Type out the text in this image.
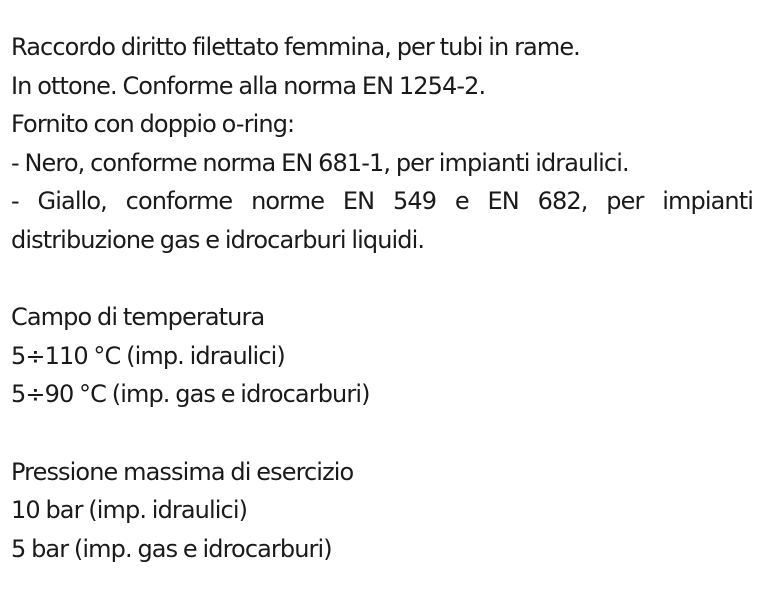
Raccordo diritto filettato femmina, per tubi in rame.
In ottone. Conforme alla norma EN 1254-2.
Fornito con doppio o-ring:
- Nero, conforme norma EN 681-1, per impianti idraulici.
- Giallo, conforme norme EN 549 e EN 682, per impianti
distribuzione gas e idrocarburi liquidi.
Campo di temperatura
5÷110 °C (imp. idraulici)
5÷90 °C (imp. gas e idrocarburi)
Pressione massima di esercizio
10 bar (imp. idraulici)
5 bar (imp. gas e idrocarburi)
